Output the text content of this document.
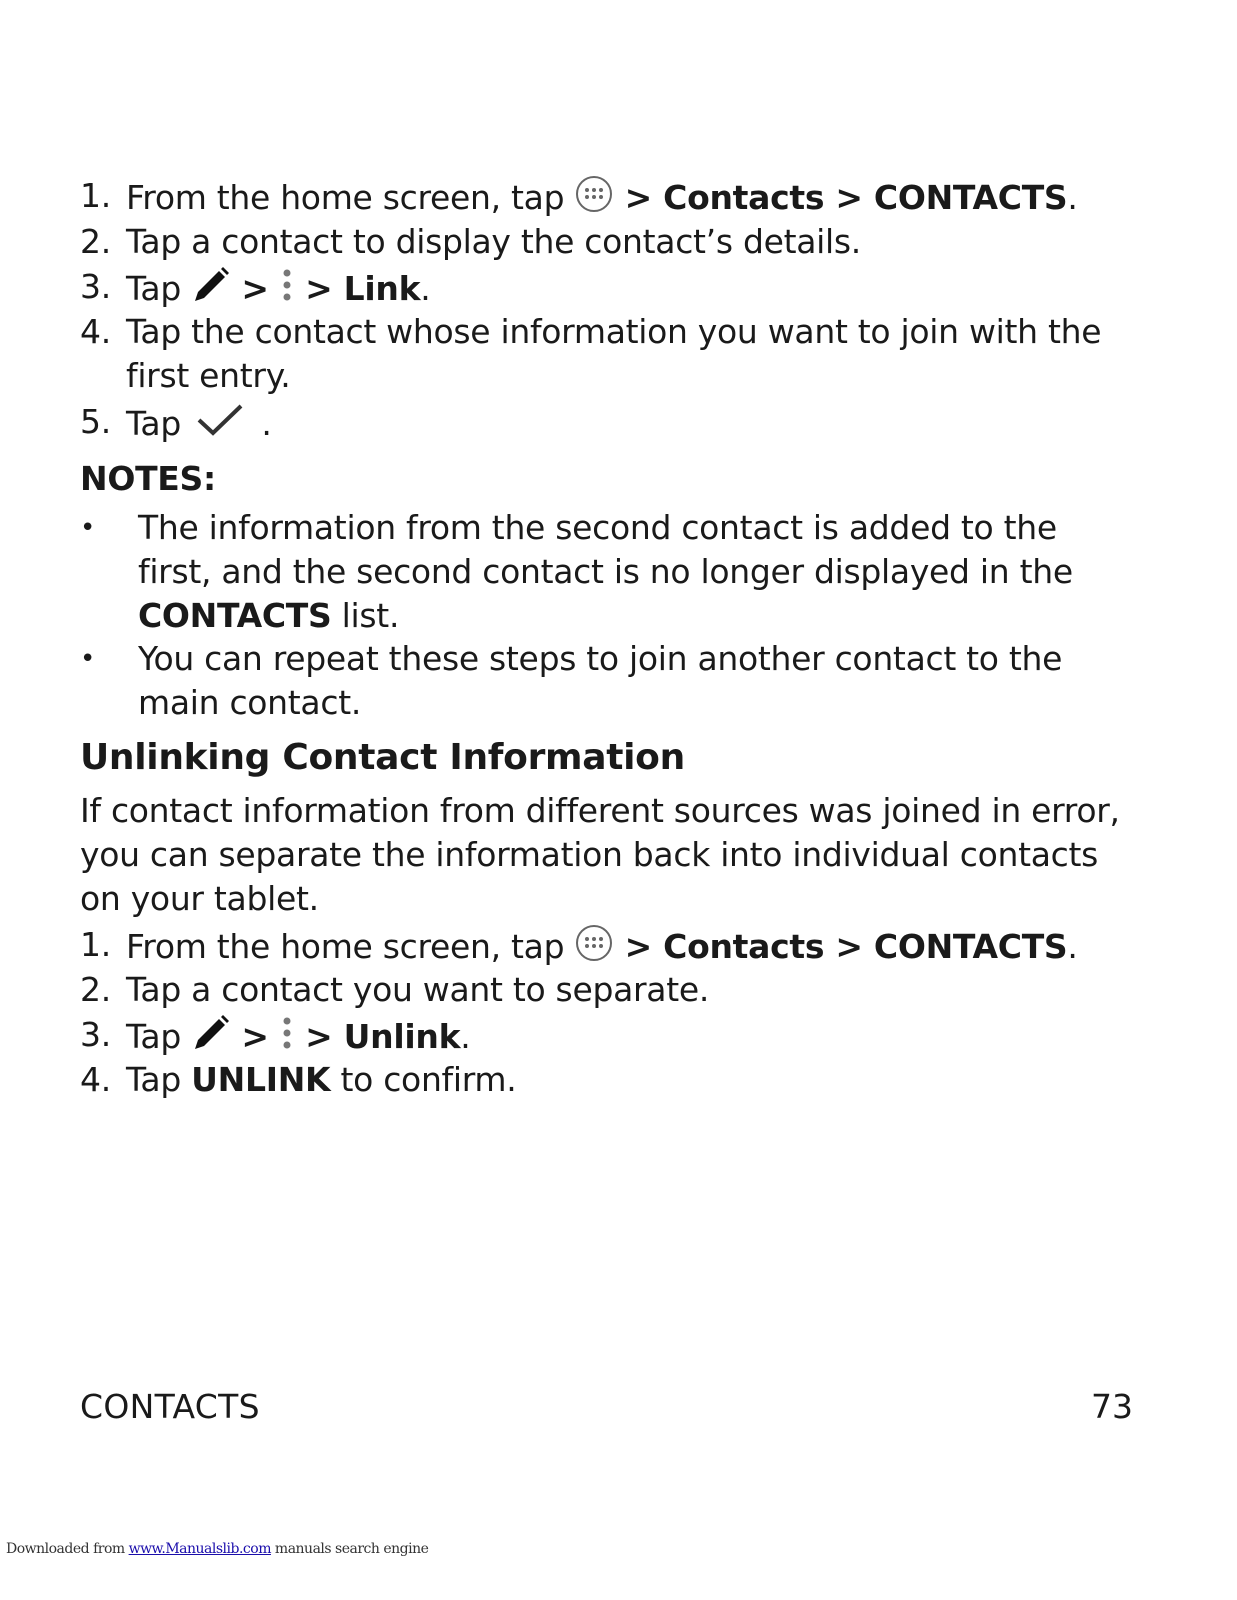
1. From the home screen, tap > Contacts > CONTACTS.
2. Tap a contact to display the contact’s details.
3. Tap > > Link.
4. Tap the contact whose information you want to join with the
first entry.
5. Tap .
NOTES:
• The information from the second contact is added to the
first, and the second contact is no longer displayed in the
CONTACTS list.
• You can repeat these steps to join another contact to the
main contact.
Unlinking Contact Information
If contact information from different sources was joined in error,
you can separate the information back into individual contacts
on your tablet.
1. From the home screen, tap > Contacts > CONTACTS.
2. Tap a contact you want to separate.
3. Tap > > Unlink.
4. Tap UNLINK to confirm.
CONTACTS	73
Downloaded from www.Manualslib.com manuals search engine
